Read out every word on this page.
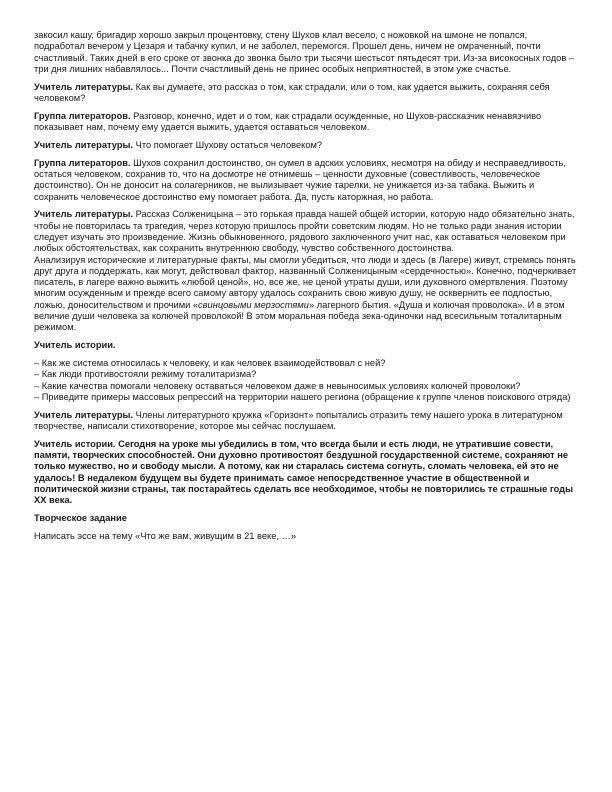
закосил кашу, бригадир хорошо закрыл процентовку, стену Шухов клал весело, с ножовкой на шмоне не попался, подработал вечером у Цезаря и табачку купил, и не заболел, перемогся. Прошел день, ничем не омраченный, почти счастливый. Таких дней в его сроке от звонка до звонка было три тысячи шестьсот пятьдесят три. Из-за високосных годов – три дня лишних набавлялось... Почти счастливый день не принес особых неприятностей, в этом уже счастье.

Учитель литературы. Как вы думаете, это рассказ о том, как страдали, или о том, как удается выжить, сохраняя себя человеком?

Группа литераторов. Разговор, конечно, идет и о том, как страдали осужденные, но Шухов-рассказчик ненавязчиво показывает нам, почему ему удается выжить, удается оставаться человеком.

Учитель литературы. Что помогает Шухову остаться человеком?

Группа литераторов. Шухов сохранил достоинство, он сумел в адских условиях, несмотря на обиду и несправедливость, остаться человеком, сохранив то, что на досмотре не отнимешь – ценности духовные (совестливость, человеческое достоинство). Он не доносит на солагерников, не вылизывает чужие тарелки, не унижается из-за табака. Выжить и сохранить человеческое достоинство ему помогает работа. Да, пусть каторжная, но работа.

Учитель литературы. Рассказ Солженицына – это горькая правда нашей общей истории, которую надо обязательно знать, чтобы не повторилась та трагедия, через которую пришлось пройти советским людям. Но не только ради знания истории следует изучать это произведение. Жизнь обыкновенного, рядового заключенного учит нас, как оставаться человеком при любых обстоятельствах, как сохранить внутреннюю свободу, чувство собственного достоинства.

Анализируя исторические и литературные факты, мы смогли убедиться, что люди и здесь (в Лагере) живут, стремясь понять друг друга и поддержать, как могут, действовал фактор, названный Солженицыным «сердечностью». Конечно, подчеркивает писатель, в лагере важно выжить «любой ценой», но, все же, не ценой утраты души, или духовного омертвления. Поэтому многим осужденным и прежде всего самому автору удалось сохранить свою живую душу, не осквернить ее подлостью, ложью, доносительством и прочими «свинцовыми мерзостями» лагерного бытия. «Душа и колючая проволока». И в этом величие души человека за колючей проволокой! В этом моральная победа зека-одиночки над всесильным тоталитарным режимом.

Учитель истории.

– Как же система относилась к человеку, и как человек взаимодействовал с ней?

– Как люди противостояли режиму тоталитаризма?

– Какие качества помогали человеку оставаться человеком даже в невыносимых условиях колючей проволоки?

– Приведите примеры массовых репрессий на территории нашего региона (обращение к группе членов поискового отряда)

Учитель литературы. Члены литературного кружка «Горизонт» попытались отразить тему нашего урока в литературном творчестве, написали стихотворение, которое мы сейчас послушаем.

Учитель истории. Сегодня на уроке мы убедились в том, что всегда были и есть люди, не утратившие совести, памяти, творческих способностей. Они духовно противостоят бездушной государственной системе, сохраняют не только мужество, но и свободу мысли. А потому, как ни старалась система согнуть, сломать человека, ей это не удалось! В недалеком будущем вы будете принимать самое непосредственное участие в общественной и политической жизни страны, так постарайтесь сделать все необходимое, чтобы не повторились те страшные годы XX века.

Творческое задание

Написать эссе на тему «Что же вам, живущим в 21 веке, …»
